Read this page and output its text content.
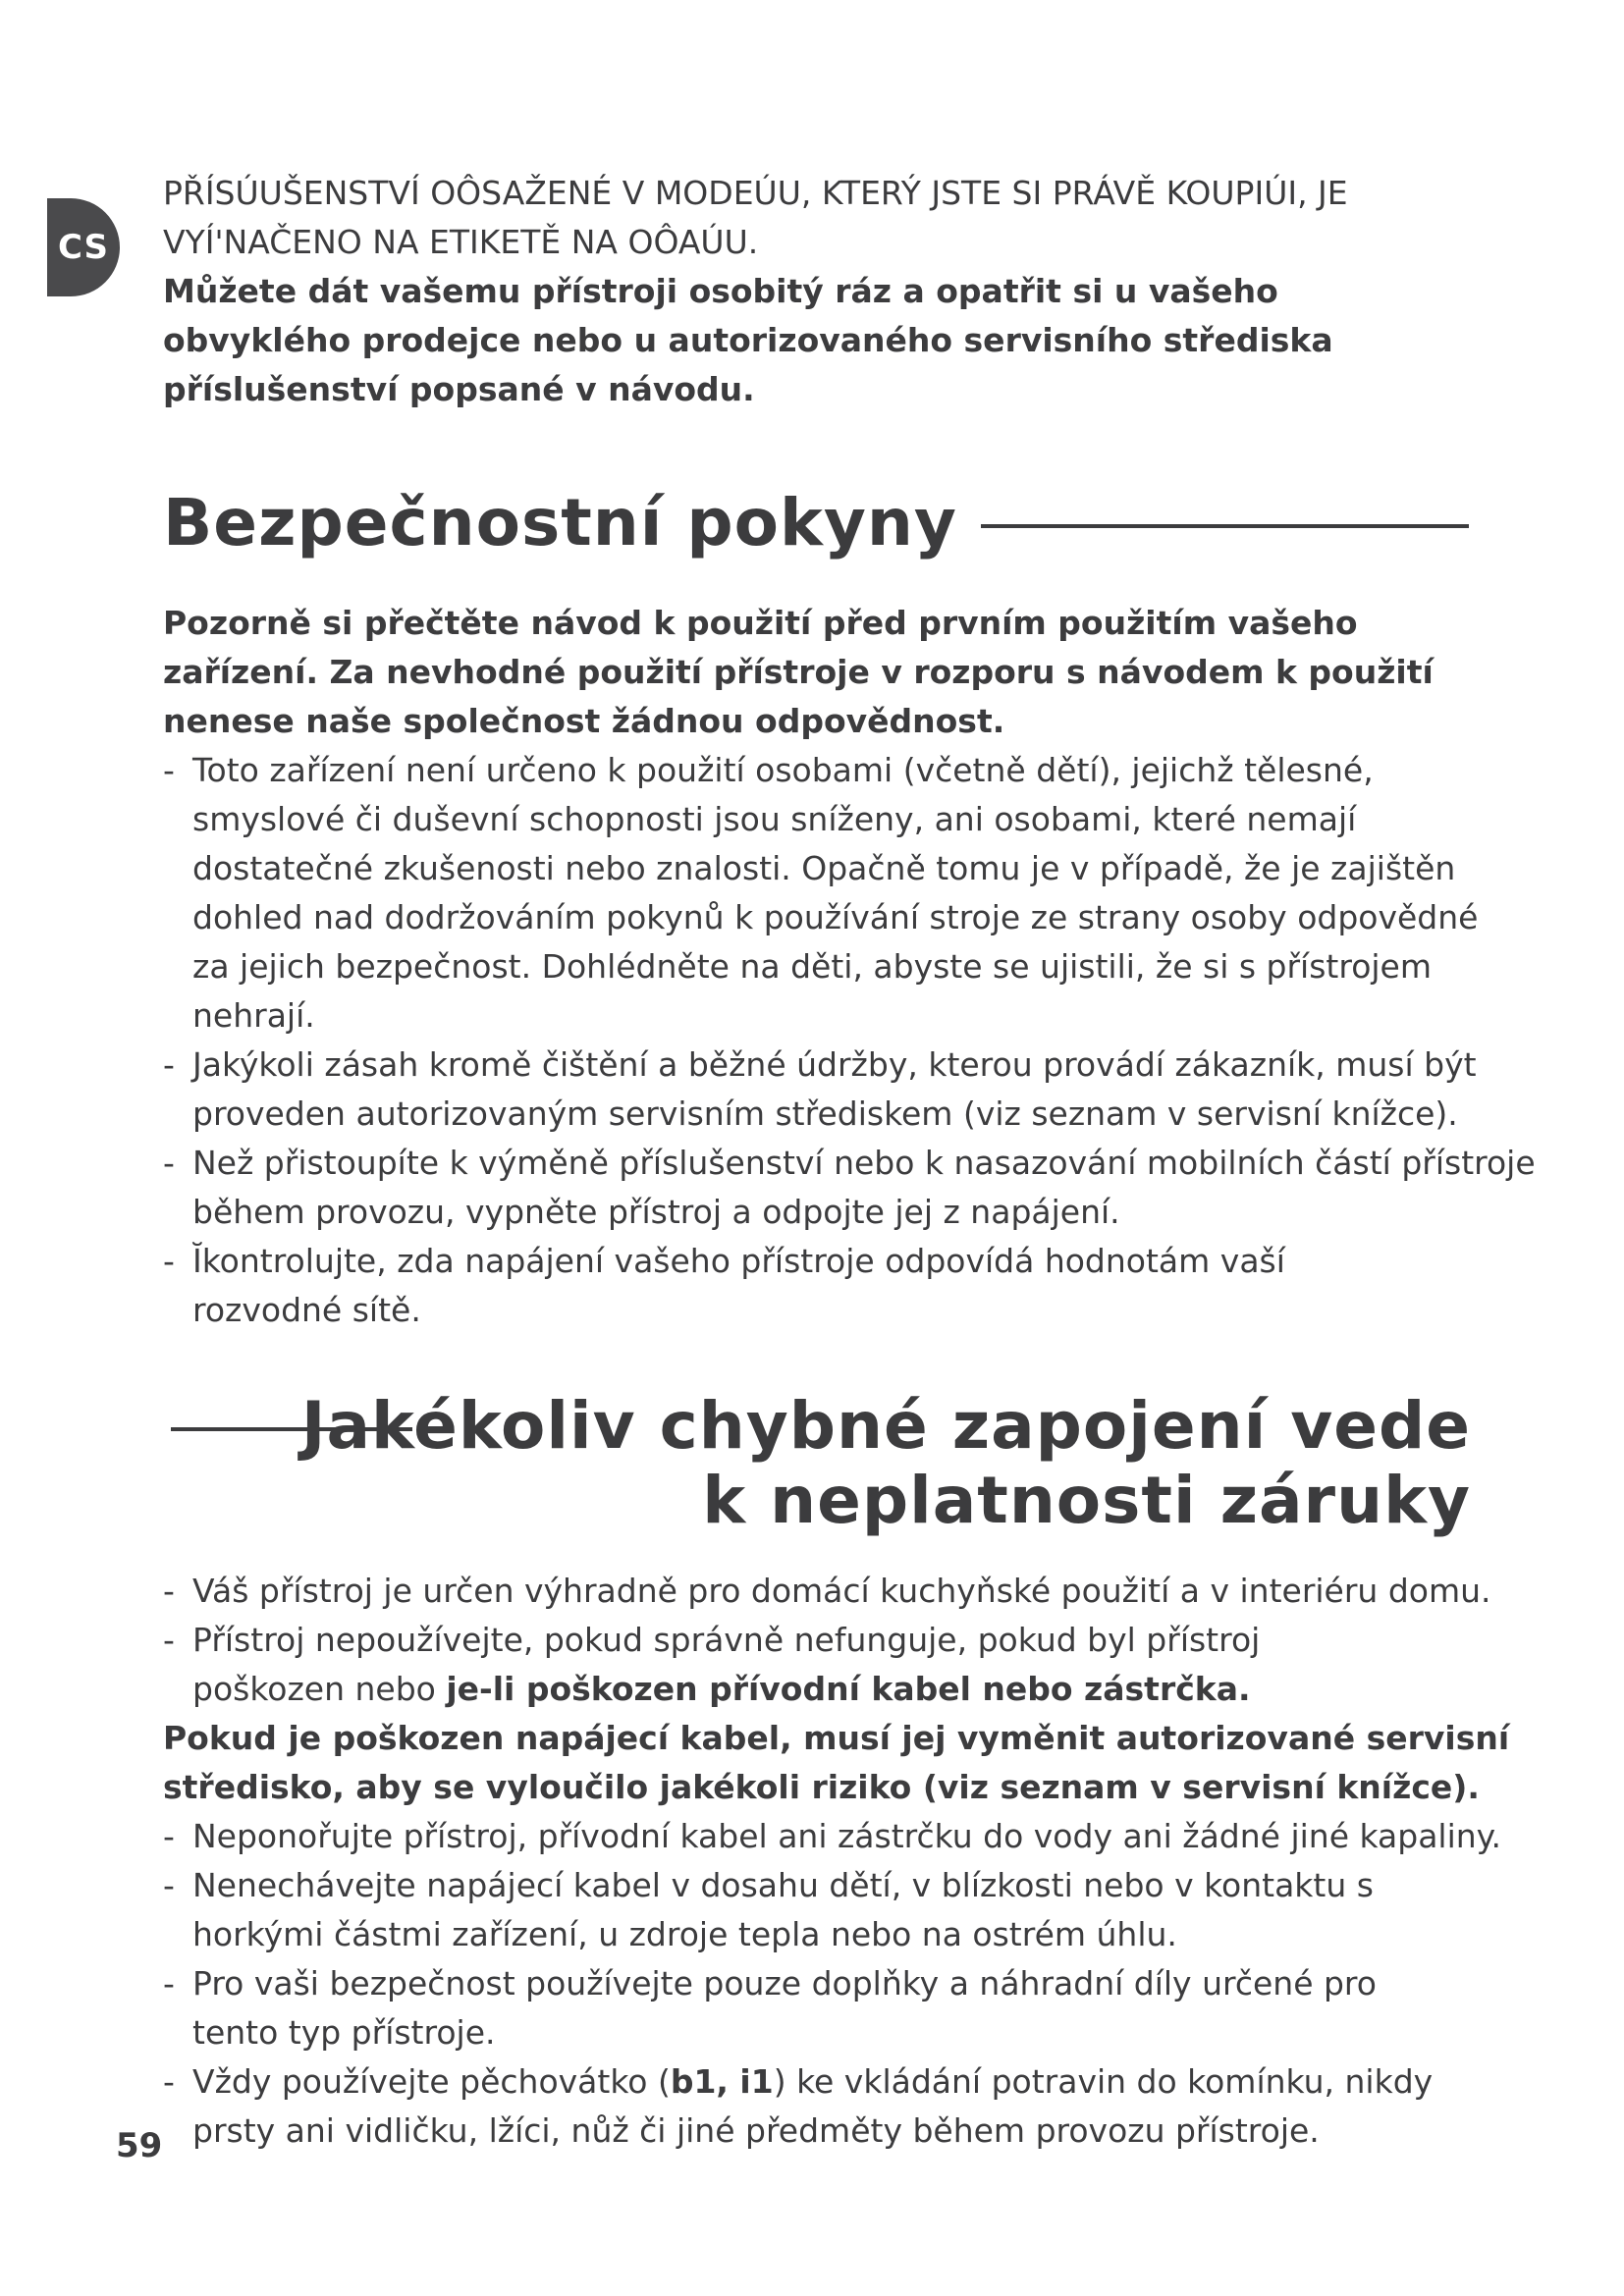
CS

PŘÍSÚUŠENSTVÍ OÔSAŽENÉ V MODEÚU, KTERÝ JSTE SI PRÁVĚ KOUPIÚI, JE

VYÍ'NAČENO NA ETIKETĚ NA OÔAÚU.

Můžete dát vašemu přístroji osobitý ráz a opatřit si u vašeho obvyklého prodejce nebo u autorizovaného servisního střediska příslušenství popsané v návodu.

Bezpečnostní pokyny

Pozorně si přečtěte návod k použití před prvním použitím vašeho zařízení. Za nevhodné použití přístroje v rozporu s návodem k použití nenese naše společnost žádnou odpovědnost.

- Toto zařízení není určeno k použití osobami (včetně dětí), jejichž tělesné, smyslové či duševní schopnosti jsou sníženy, ani osobami, které nemají dostatečné zkušenosti nebo znalosti. Opačně tomu je v případě, že je zajištěn dohled nad dodržováním pokynů k používání stroje ze strany osoby odpovědné za jejich bezpečnost. Dohlédněte na děti, abyste se ujistili, že si s přístrojem nehrají.
- Jakýkoli zásah kromě čištění a běžné údržby, kterou provádí zákazník, musí být proveden autorizovaným servisním střediskem (viz seznam v servisní knížce).
- Než přistoupíte k výměně příslušenství nebo k nasazování mobilních částí přístroje během provozu, vypněte přístroj a odpojte jej z napájení.
- Ĭkontrolujte, zda napájení vašeho přístroje odpovídá hodnotám vaší rozvodné sítě.
Jakékoliv chybné zapojení vede
k neplatnosti záruky
- Váš přístroj je určen výhradně pro domácí kuchyňské použití a v interiéru domu.
- Přístroj nepoužívejte, pokud správně nefunguje, pokud byl přístroj poškozen nebo je-li poškozen přívodní kabel nebo zástrčka.

Pokud je poškozen napájecí kabel, musí jej vyměnit autorizované servisní středisko, aby se vyloučilo jakékoli riziko (viz seznam v servisní knížce).

- Neponořujte přístroj, přívodní kabel ani zástrčku do vody ani žádné jiné kapaliny.
- Nenechávejte napájecí kabel v dosahu dětí, v blízkosti nebo v kontaktu s horkými částmi zařízení, u zdroje tepla nebo na ostrém úhlu.
- Pro vaši bezpečnost používejte pouze doplňky a náhradní díly určené pro tento typ přístroje.
- Vždy používejte pěchovátko (b1, i1) ke vkládání potravin do komínku, nikdy prsty ani vidličku, lžíci, nůž či jiné předměty během provozu přístroje.
59
